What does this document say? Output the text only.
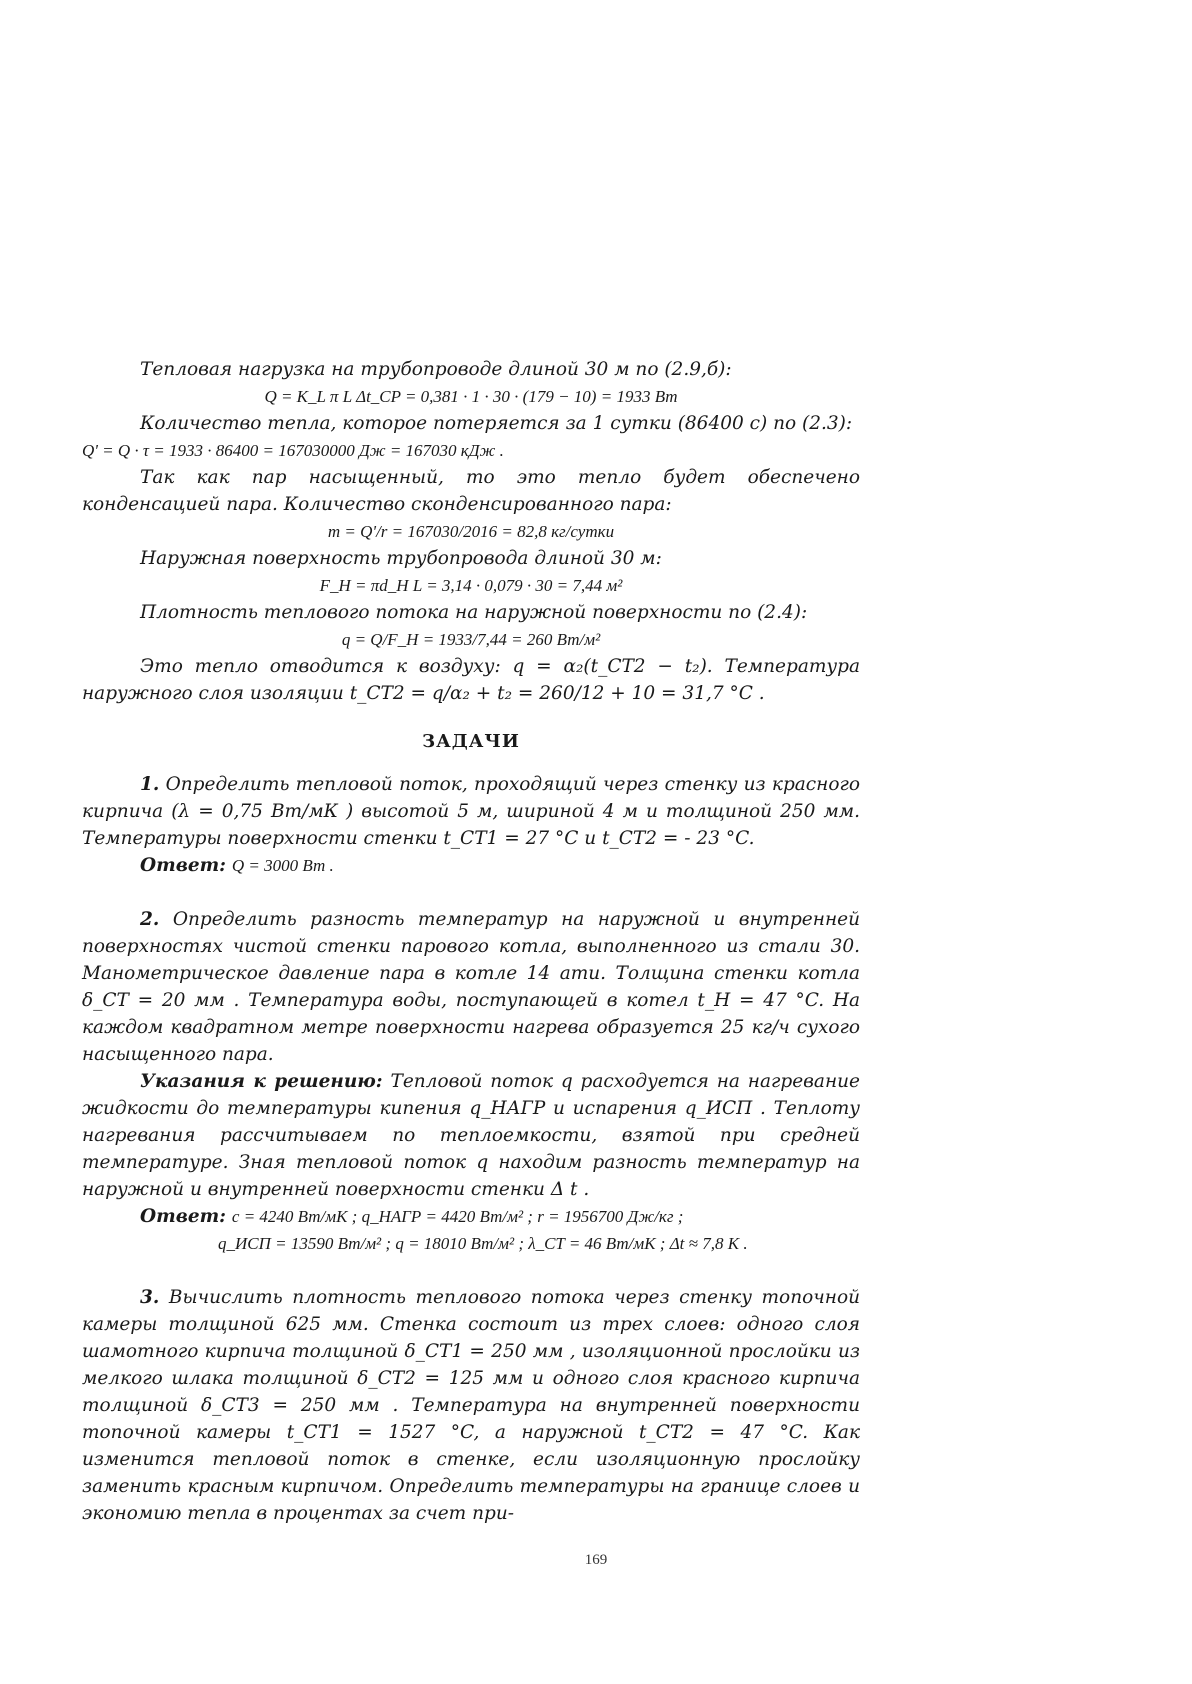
Тепловая нагрузка на трубопроводе длиной 30 м по (2.9,б):

Q = K_L π L Δt_CP = 0,381 · 1 · 30 · (179 − 10) = 1933 Вт

Количество тепла, которое потеряется за 1 сутки (86400 с) по (2.3):

Q' = Q · τ = 1933 · 86400 = 167030000 Дж = 167030 кДж .

Так как пар насыщенный, то это тепло будет обеспечено конденсацией пара. Количество сконденсированного пара:

m = Q'/r = 167030/2016 = 82,8 кг/сутки

Наружная поверхность трубопровода длиной 30 м:

F_H = πd_H L = 3,14 · 0,079 · 30 = 7,44 м²

Плотность теплового потока на наружной поверхности по (2.4):

q = Q/F_H = 1933/7,44 = 260 Вт/м²

Это тепло отводится к воздуху: q = α₂(t_CT2 − t₂). Температура наружного слоя изоляции t_CT2 = q/α₂ + t₂ = 260/12 + 10 = 31,7 °C .

ЗАДАЧИ

1. Определить тепловой поток, проходящий через стенку из красного кирпича (λ = 0,75 Вт/мК ) высотой 5 м, шириной 4 м и толщиной 250 мм. Температуры поверхности стенки t_CT1 = 27 °C и t_CT2 = - 23 °C.

Ответ: Q = 3000 Вт .

2. Определить разность температур на наружной и внутренней поверхностях чистой стенки парового котла, выполненного из стали 30. Манометрическое давление пара в котле 14 ати. Толщина стенки котла δ_CT = 20 мм . Температура воды, поступающей в котел t_H = 47 °C. На каждом квадратном метре поверхности нагрева образуется 25 кг/ч сухого насыщенного пара.

Указания к решению: Тепловой поток q расходуется на нагревание жидкости до температуры кипения q_НАГР и испарения q_ИСП . Теплоту нагревания рассчитываем по теплоемкости, взятой при средней температуре. Зная тепловой поток q находим разность температур на наружной и внутренней поверхности стенки Δ t .

Ответ: c = 4240 Вт/мК ; q_НАГР = 4420 Вт/м² ; r = 1956700 Дж/кг ;

q_ИСП = 13590 Вт/м² ; q = 18010 Вт/м² ; λ_CT = 46 Вт/мК ; Δt ≈ 7,8 K .

3. Вычислить плотность теплового потока через стенку топочной камеры толщиной 625 мм. Стенка состоит из трех слоев: одного слоя шамотного кирпича толщиной δ_CT1 = 250 мм , изоляционной прослойки из мелкого шлака толщиной δ_CT2 = 125 мм и одного слоя красного кирпича толщиной δ_CT3 = 250 мм . Температура на внутренней поверхности топочной камеры t_CT1 = 1527 °C, а наружной t_CT2 = 47 °C. Как изменится тепловой поток в стенке, если изоляционную прослойку заменить красным кирпичом. Определить температуры на границе слоев и экономию тепла в процентах за счет при-

169
